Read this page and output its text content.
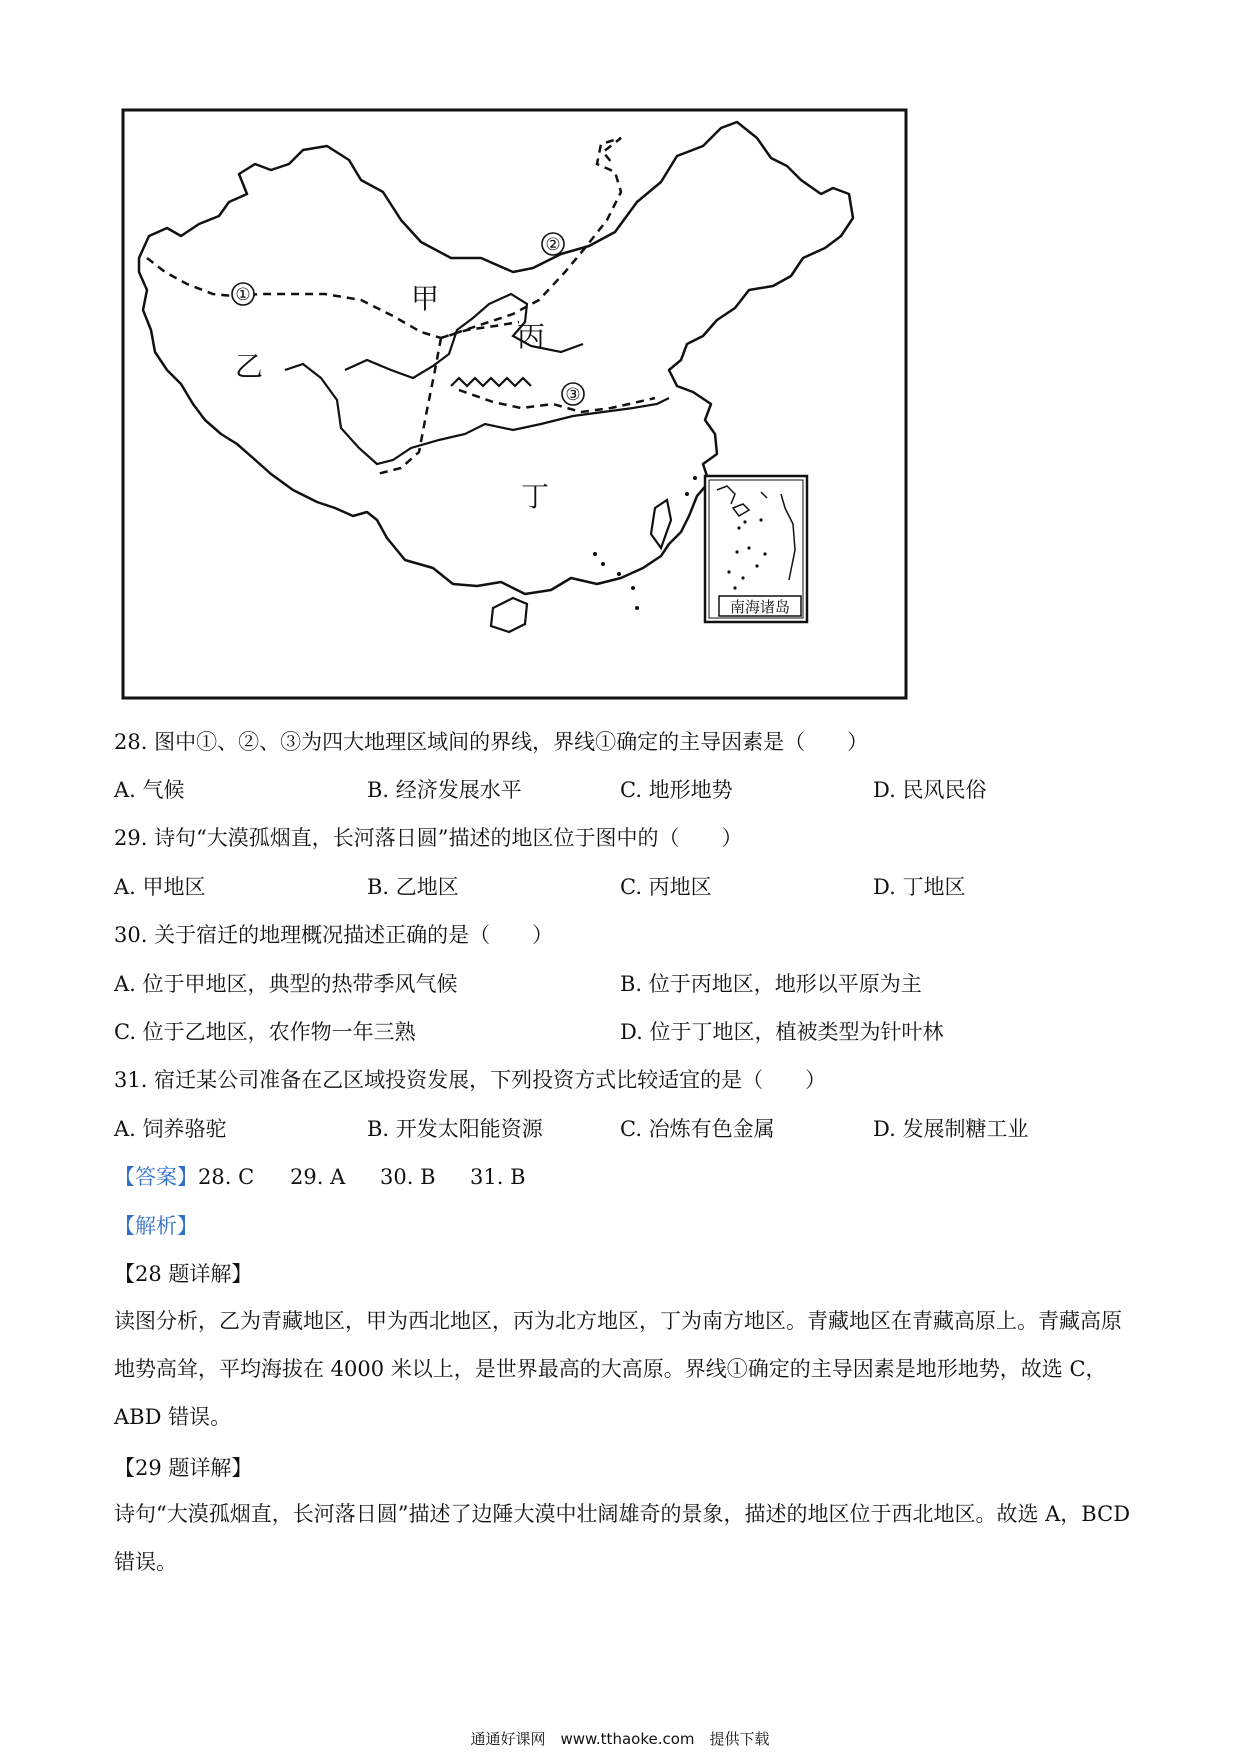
南海诸岛
甲
乙
丙
丁
①
②
③
28. 图中①、②、③为四大地理区域间的界线，界线①确定的主导因素是（　　）
A. 气候	B. 经济发展水平	C. 地形地势	D. 民风民俗
29. 诗句“大漠孤烟直，长河落日圆”描述的地区位于图中的（　　）
A. 甲地区	B. 乙地区	C. 丙地区	D. 丁地区
30. 关于宿迁的地理概况描述正确的是（　　）
A. 位于甲地区，典型的热带季风气候	B. 位于丙地区，地形以平原为主
C. 位于乙地区，农作物一年三熟	D. 位于丁地区，植被类型为针叶林
31. 宿迁某公司准备在乙区域投资发展，下列投资方式比较适宜的是（　　）
A. 饲养骆驼	B. 开发太阳能资源	C. 冶炼有色金属	D. 发展制糖工业
【答案】 28. C 29. A 30. B 31. B
【解析】
【28 题详解】
读图分析，乙为青藏地区，甲为西北地区，丙为北方地区，丁为南方地区。青藏地区在青藏高原上。青藏高原地势高耸，平均海拔在 4000 米以上，是世界最高的大高原。界线①确定的主导因素是地形地势，故选 C，ABD 错误。
【29 题详解】
诗句“大漠孤烟直，长河落日圆”描述了边陲大漠中壮阔雄奇的景象，描述的地区位于西北地区。故选 A，BCD 错误。
通通好课网　www.tthaoke.com　提供下载
